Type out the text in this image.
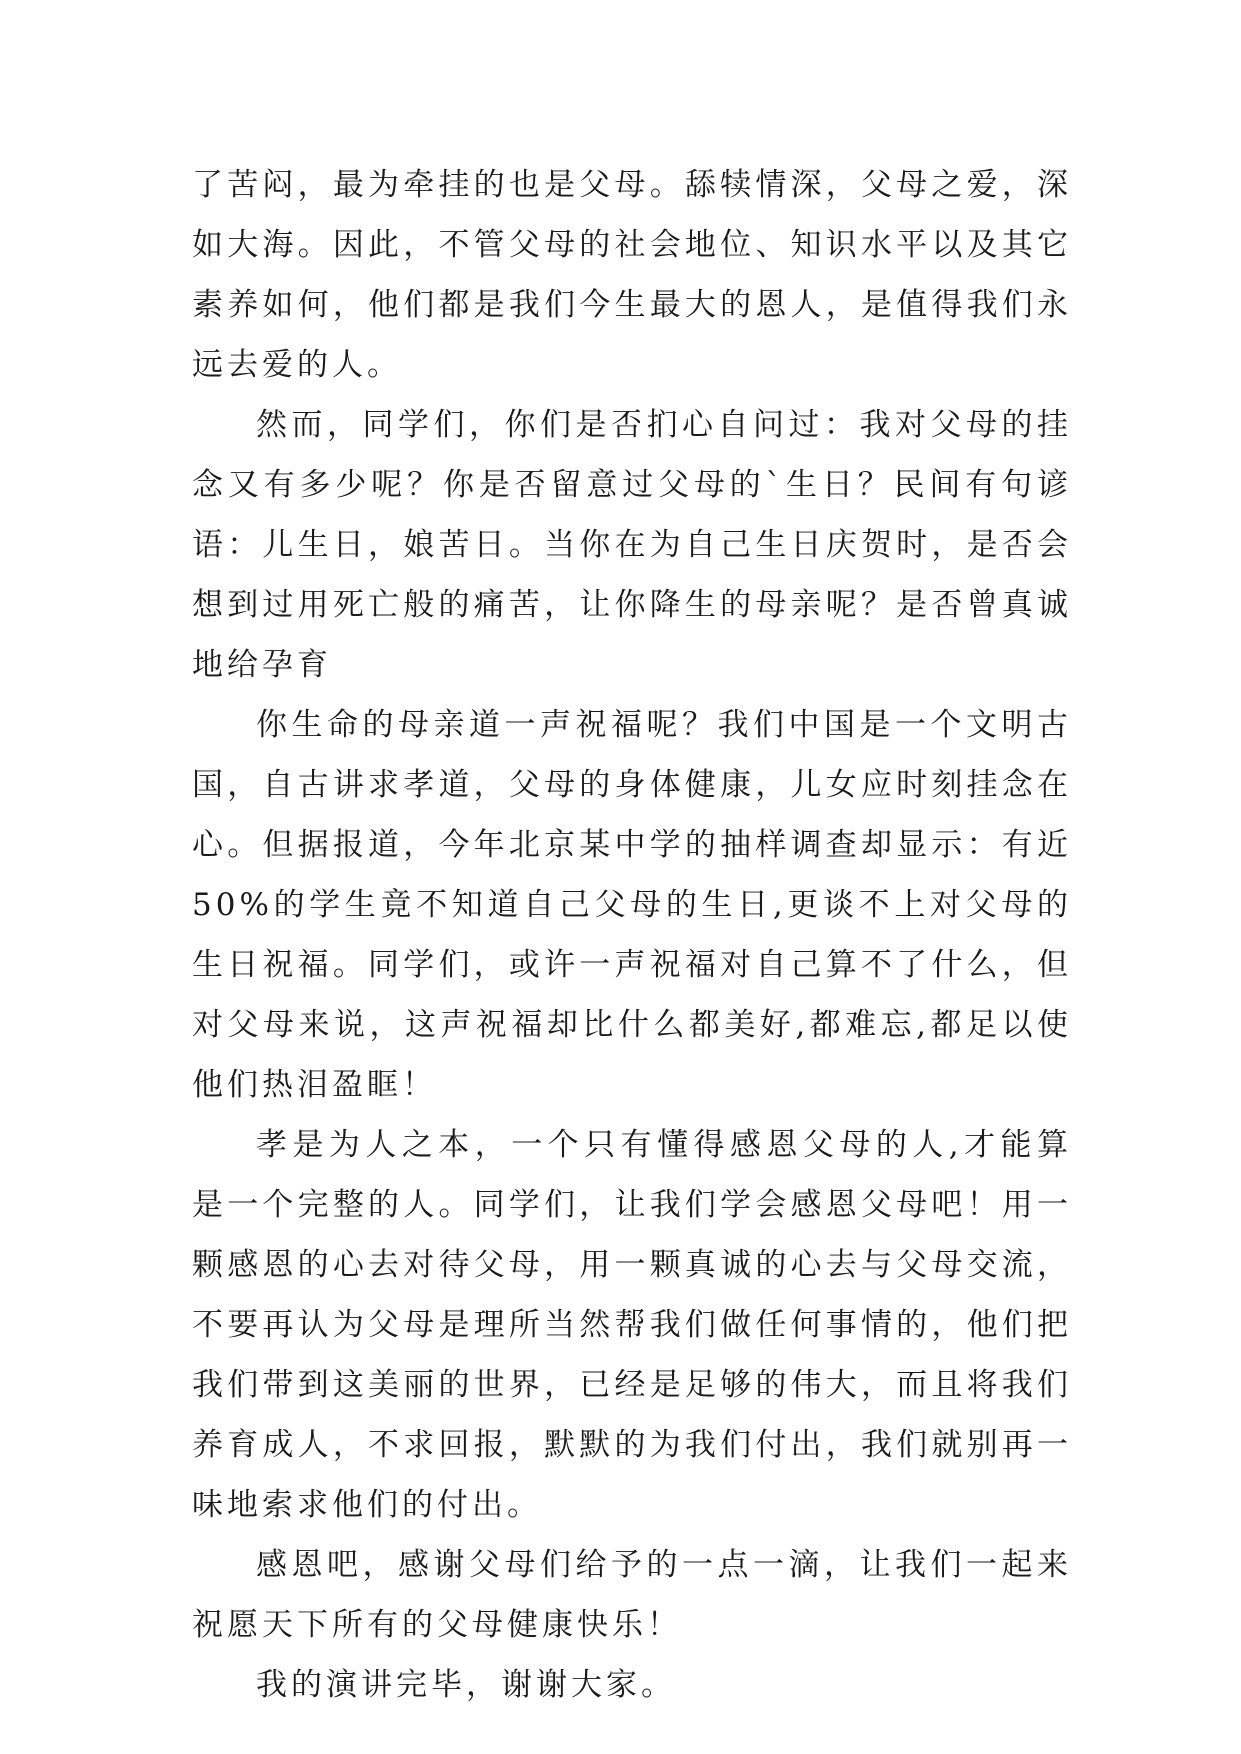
了苦闷，最为牵挂的也是父母。舔犊情深，父母之爱，深如大海。因此，不管父母的社会地位、知识水平以及其它素养如何，他们都是我们今生最大的恩人，是值得我们永远去爱的人。

然而，同学们，你们是否扪心自问过：我对父母的挂念又有多少呢？你是否留意过父母的`生日？民间有句谚语：儿生日，娘苦日。当你在为自己生日庆贺时，是否会想到过用死亡般的痛苦，让你降生的母亲呢？是否曾真诚地给孕育

你生命的母亲道一声祝福呢？我们中国是一个文明古国，自古讲求孝道，父母的身体健康，儿女应时刻挂念在心。但据报道，今年北京某中学的抽样调查却显示：有近50%的学生竟不知道自己父母的生日,更谈不上对父母的生日祝福。同学们，或许一声祝福对自己算不了什么，但对父母来说，这声祝福却比什么都美好,都难忘,都足以使他们热泪盈眶！

孝是为人之本，一个只有懂得感恩父母的人,才能算是一个完整的人。同学们，让我们学会感恩父母吧！用一颗感恩的心去对待父母，用一颗真诚的心去与父母交流，不要再认为父母是理所当然帮我们做任何事情的，他们把我们带到这美丽的世界，已经是足够的伟大，而且将我们养育成人，不求回报，默默的为我们付出，我们就别再一味地索求他们的付出。

感恩吧，感谢父母们给予的一点一滴，让我们一起来祝愿天下所有的父母健康快乐！

我的演讲完毕，谢谢大家。
